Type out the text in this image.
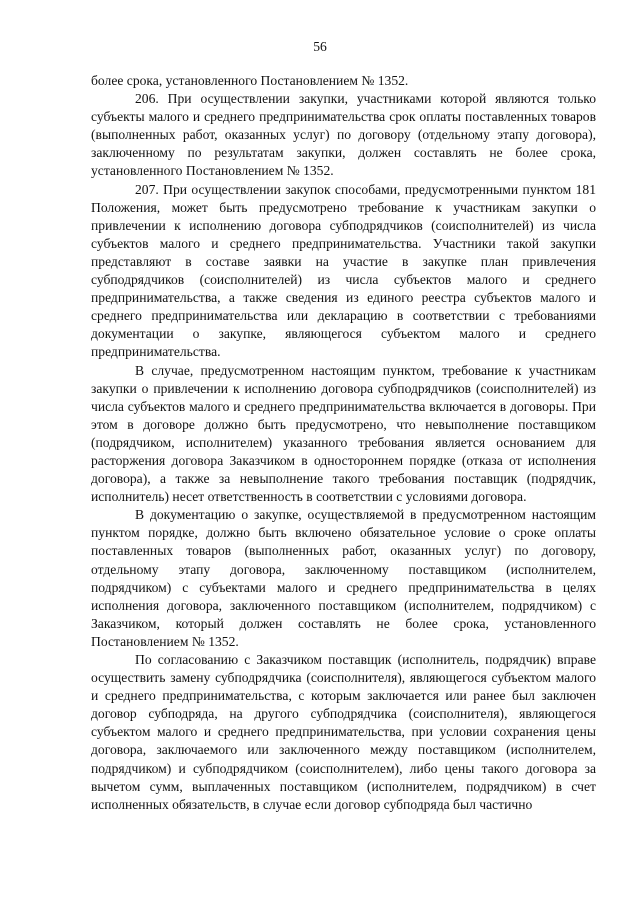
56

более срока, установленного Постановлением № 1352.

206. При осуществлении закупки, участниками которой являются только субъекты малого и среднего предпринимательства срок оплаты поставленных товаров (выполненных работ, оказанных услуг) по договору (отдельному этапу договора), заключенному по результатам закупки, должен составлять не более срока, установленного Постановлением № 1352.

207. При осуществлении закупок способами, предусмотренными пунктом 181 Положения, может быть предусмотрено требование к участникам закупки о привлечении к исполнению договора субподрядчиков (соисполнителей) из числа субъектов малого и среднего предпринимательства. Участники такой закупки представляют в составе заявки на участие в закупке план привлечения субподрядчиков (соисполнителей) из числа субъектов малого и среднего предпринимательства, а также сведения из единого реестра субъектов малого и среднего предпринимательства или декларацию в соответствии с требованиями документации о закупке, являющегося субъектом малого и среднего предпринимательства.

В случае, предусмотренном настоящим пунктом, требование к участникам закупки о привлечении к исполнению договора субподрядчиков (соисполнителей) из числа субъектов малого и среднего предпринимательства включается в договоры. При этом в договоре должно быть предусмотрено, что невыполнение поставщиком (подрядчиком, исполнителем) указанного требования является основанием для расторжения договора Заказчиком в одностороннем порядке (отказа от исполнения договора), а также за невыполнение такого требования поставщик (подрядчик, исполнитель) несет ответственность в соответствии с условиями договора.

В документацию о закупке, осуществляемой в предусмотренном настоящим пунктом порядке, должно быть включено обязательное условие о сроке оплаты поставленных товаров (выполненных работ, оказанных услуг) по договору, отдельному этапу договора, заключенному поставщиком (исполнителем, подрядчиком) с субъектами малого и среднего предпринимательства в целях исполнения договора, заключенного поставщиком (исполнителем, подрядчиком) с Заказчиком, который должен составлять не более срока, установленного Постановлением № 1352.

По согласованию с Заказчиком поставщик (исполнитель, подрядчик) вправе осуществить замену субподрядчика (соисполнителя), являющегося субъектом малого и среднего предпринимательства, с которым заключается или ранее был заключен договор субподряда, на другого субподрядчика (соисполнителя), являющегося субъектом малого и среднего предпринимательства, при условии сохранения цены договора, заключаемого или заключенного между поставщиком (исполнителем, подрядчиком) и субподрядчиком (соисполнителем), либо цены такого договора за вычетом сумм, выплаченных поставщиком (исполнителем, подрядчиком) в счет исполненных обязательств, в случае если договор субподряда был частично
